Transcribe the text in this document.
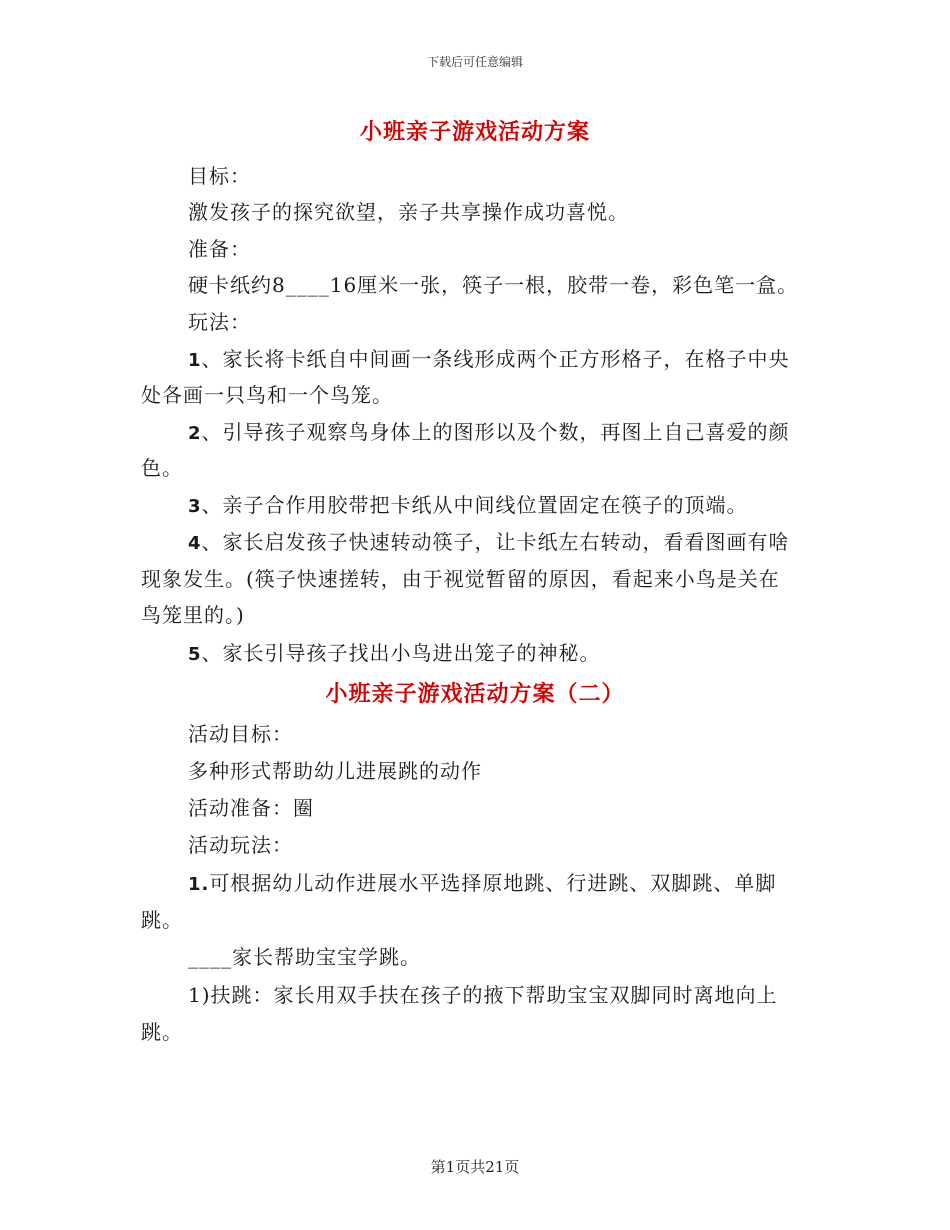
下载后可任意编辑
小班亲子游戏活动方案
目标：
激发孩子的探究欲望，亲子共享操作成功喜悦。
准备：
硬卡纸约8____16厘米一张，筷子一根，胶带一卷，彩色笔一盒。
玩法：
1、家长将卡纸自中间画一条线形成两个正方形格子，在格子中央
处各画一只鸟和一个鸟笼。
2、引导孩子观察鸟身体上的图形以及个数，再图上自己喜爱的颜
色。
3、亲子合作用胶带把卡纸从中间线位置固定在筷子的顶端。
4、家长启发孩子快速转动筷子，让卡纸左右转动，看看图画有啥
现象发生。(筷子快速搓转，由于视觉暂留的原因，看起来小鸟是关在
鸟笼里的。)
5、家长引导孩子找出小鸟进出笼子的神秘。
小班亲子游戏活动方案（二）
活动目标：
多种形式帮助幼儿进展跳的动作
活动准备：圈
活动玩法：
1.可根据幼儿动作进展水平选择原地跳、行进跳、双脚跳、单脚
跳。
____家长帮助宝宝学跳。
1)扶跳：家长用双手扶在孩子的掖下帮助宝宝双脚同时离地向上
跳。
第1页共21页
